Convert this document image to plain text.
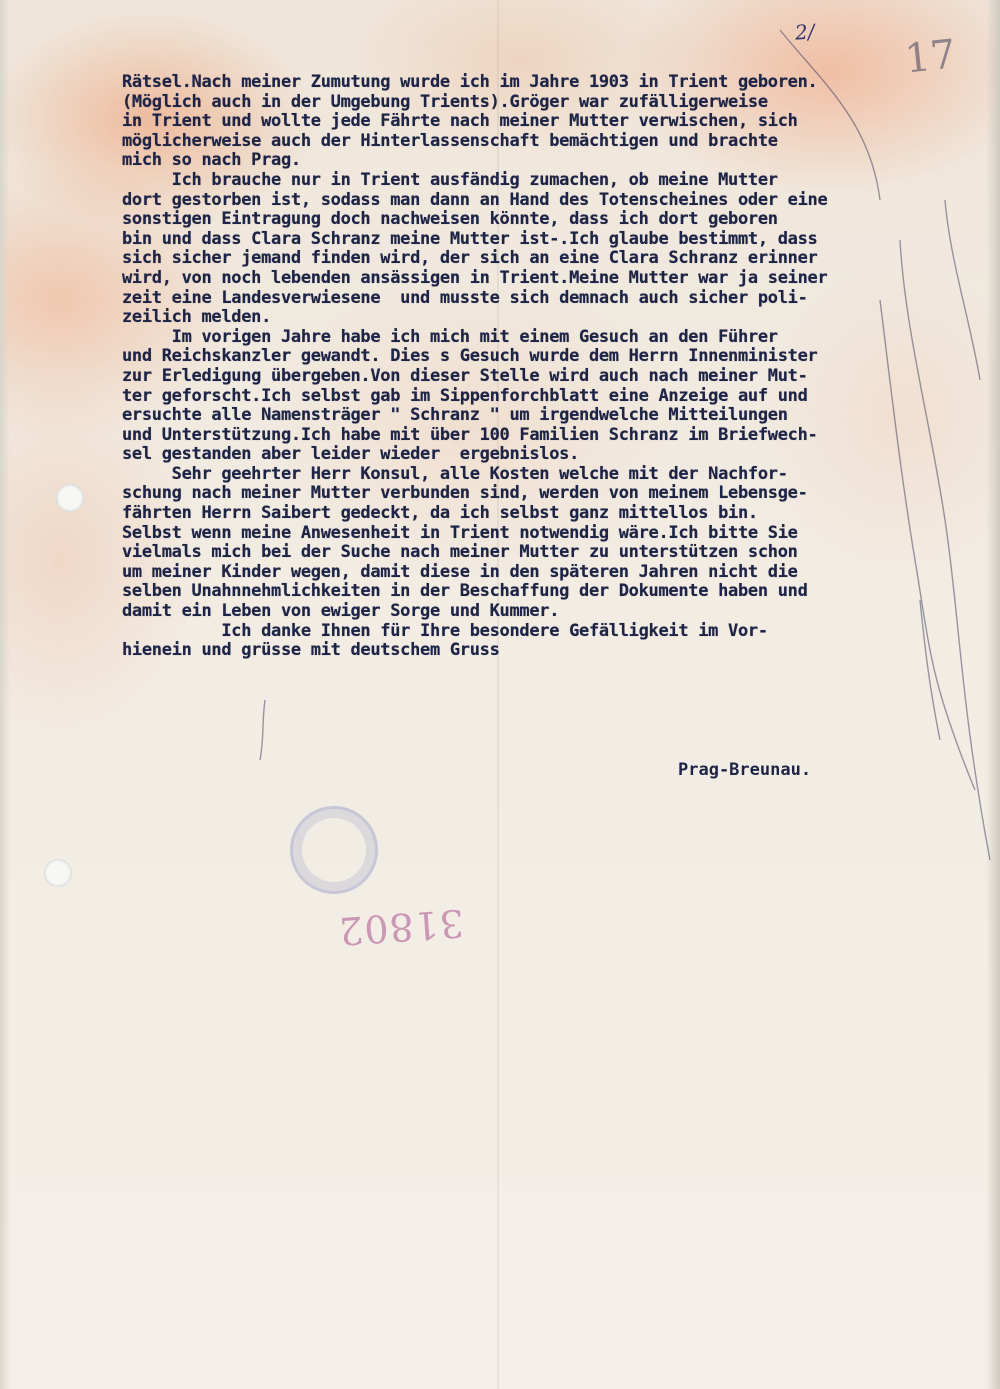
2/ 17
Rätsel.Nach meiner Zumutung wurde ich im Jahre 1903 in Trient geboren.
(Möglich auch in der Umgebung Trients).Gröger war zufälligerweise
in Trient und wollte jede Fährte nach meiner Mutter verwischen, sich
möglicherweise auch der Hinterlassenschaft bemächtigen und brachte
mich so nach Prag.
Ich brauche nur in Trient ausfändig zumachen, ob meine Mutter
dort gestorben ist, sodass man dann an Hand des Totenscheines oder eine
sonstigen Eintragung doch nachweisen könnte, dass ich dort geboren
bin und dass Clara Schranz meine Mutter ist-.Ich glaube bestimmt, dass
sich sicher jemand finden wird, der sich an eine Clara Schranz erinner
wird, von noch lebenden ansässigen in Trient.Meine Mutter war ja seiner
zeit eine Landesverwiesene  und musste sich demnach auch sicher poli-
zeilich melden.
Im vorigen Jahre habe ich mich mit einem Gesuch an den Führer
und Reichskanzler gewandt. Dies s Gesuch wurde dem Herrn Innenminister
zur Erledigung übergeben.Von dieser Stelle wird auch nach meiner Mut-
ter geforscht.Ich selbst gab im Sippenforchblatt eine Anzeige auf und
ersuchte alle Namensträger " Schranz " um irgendwelche Mitteilungen
und Unterstützung.Ich habe mit über 100 Familien Schranz im Briefwech-
sel gestanden aber leider wieder  ergebnislos.
Sehr geehrter Herr Konsul, alle Kosten welche mit der Nachfor-
schung nach meiner Mutter verbunden sind, werden von meinem Lebensge-
fährten Herrn Saibert gedeckt, da ich selbst ganz mittellos bin.
Selbst wenn meine Anwesenheit in Trient notwendig wäre.Ich bitte Sie
vielmals mich bei der Suche nach meiner Mutter zu unterstützen schon
um meiner Kinder wegen, damit diese in den späteren Jahren nicht die
selben Unahnnehmlichkeiten in der Beschaffung der Dokumente haben und
damit ein Leben von ewiger Sorge und Kummer.
Ich danke Ihnen für Ihre besondere Gefälligkeit im Vor-
hienein und grüsse mit deutschem Gruss
Prag-Breunau.
31802
